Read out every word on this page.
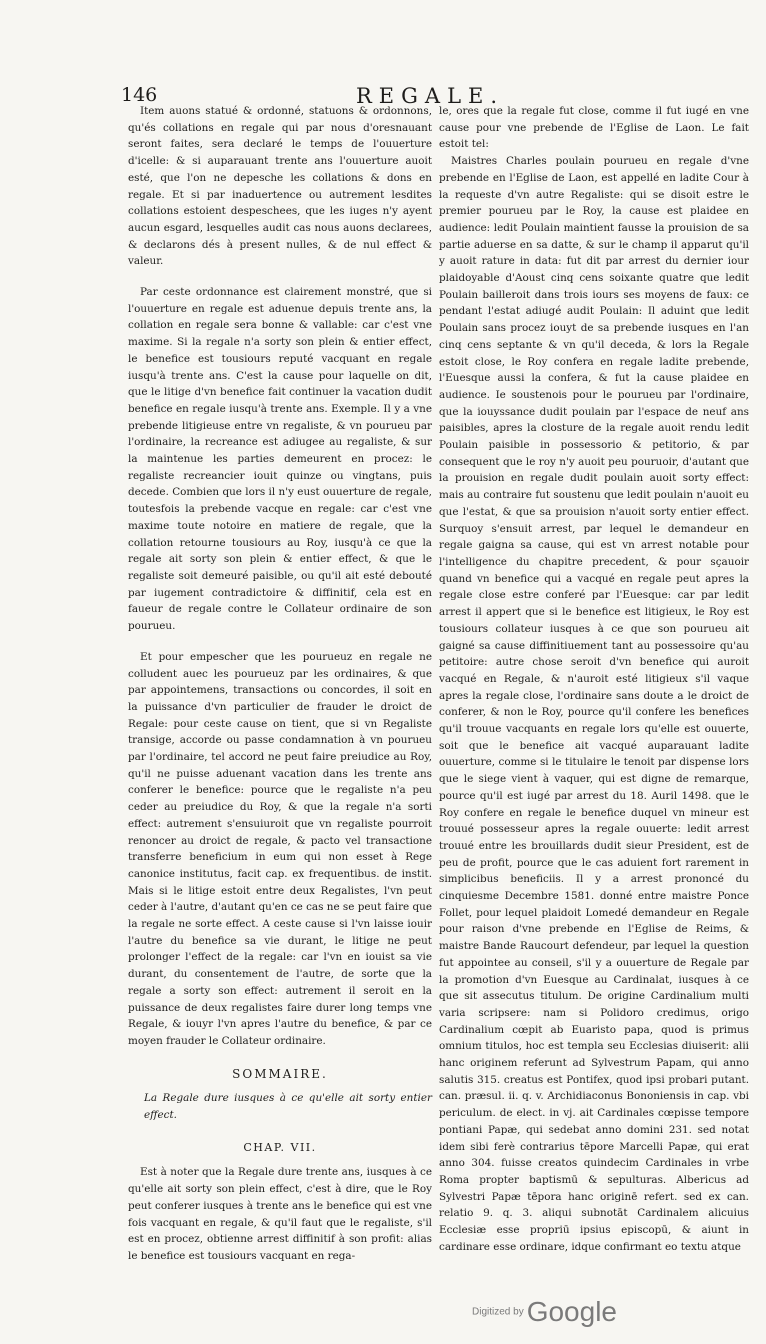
146	REGALE.

Item auons statué & ordonné, statuons & ordonnons, qu'és collations en regale qui par nous d'oresnauant seront faites, sera declaré le temps de l'ouuerture d'icelle: & si auparauant trente ans l'ouuerture auoit esté, que l'on ne depesche les collations & dons en regale. Et si par inaduertence ou autrement lesdites collations estoient despeschees, que les iuges n'y ayent aucun esgard, lesquelles audit cas nous auons declarees, & declarons dés à present nulles, & de nul effect & valeur.

Par ceste ordonnance est clairement monstré, que si l'ouuerture en regale est aduenue depuis trente ans, la collation en regale sera bonne & vallable: car c'est vne maxime. Si la regale n'a sorty son plein & entier effect, le benefice est tousiours reputé vacquant en regale iusqu'à trente ans. C'est la cause pour laquelle on dit, que le litige d'vn benefice fait continuer la vacation dudit benefice en regale iusqu'à trente ans. Exemple. Il y a vne prebende litigieuse entre vn regaliste, & vn pourueu par l'ordinaire, la recreance est adiugee au regaliste, & sur la maintenue les parties demeurent en procez: le regaliste recreancier iouit quinze ou vingtans, puis decede. Combien que lors il n'y eust ouuerture de regale, toutesfois la prebende vacque en regale: car c'est vne maxime toute notoire en matiere de regale, que la collation retourne tousiours au Roy, iusqu'à ce que la regale ait sorty son plein & entier effect, & que le regaliste soit demeuré paisible, ou qu'il ait esté debouté par iugement contradictoire & diffinitif, cela est en faueur de regale contre le Collateur ordinaire de son pourueu.

Et pour empescher que les pourueuz en regale ne colludent auec les pourueuz par les ordinaires, & que par appointemens, transactions ou concordes, il soit en la puissance d'vn particulier de frauder le droict de Regale: pour ceste cause on tient, que si vn Regaliste transige, accorde ou passe condamnation à vn pourueu par l'ordinaire, tel accord ne peut faire preiudice au Roy, qu'il ne puisse aduenant vacation dans les trente ans conferer le benefice: pource que le regaliste n'a peu ceder au preiudice du Roy, & que la regale n'a sorti effect: autrement s'ensuiuroit que vn regaliste pourroit renoncer au droict de regale, & pacto vel transactione transferre beneficium in eum qui non esset à Rege canonice institutus, facit cap. ex frequentibus. de instit. Mais si le litige estoit entre deux Regalistes, l'vn peut ceder à l'autre, d'autant qu'en ce cas ne se peut faire que la regale ne sorte effect. A ceste cause si l'vn laisse iouir l'autre du benefice sa vie durant, le litige ne peut prolonger l'effect de la regale: car l'vn en iouist sa vie durant, du consentement de l'autre, de sorte que la regale a sorty son effect: autrement il seroit en la puissance de deux regalistes faire durer long temps vne Regale, & iouyr l'vn apres l'autre du benefice, & par ce moyen frauder le Collateur ordinaire.

SOMMAIRE.

La Regale dure iusques à ce qu'elle ait sorty entier effect.

CHAP. VII.

Est à noter que la Regale dure trente ans, iusques à ce qu'elle ait sorty son plein effect, c'est à dire, que le Roy peut conferer iusques à trente ans le benefice qui est vne fois vacquant en regale, & qu'il faut que le regaliste, s'il est en procez, obtienne arrest diffinitif à son profit: alias le benefice est tousiours vacquant en rega-

le, ores que la regale fut close, comme il fut iugé en vne cause pour vne prebende de l'Eglise de Laon. Le fait estoit tel:

Maistres Charles poulain pourueu en regale d'vne prebende en l'Eglise de Laon, est appellé en ladite Cour à la requeste d'vn autre Regaliste: qui se disoit estre le premier pourueu par le Roy, la cause est plaidee en audience: ledit Poulain maintient fausse la prouision de sa partie aduerse en sa datte, & sur le champ il apparut qu'il y auoit rature in data: fut dit par arrest du dernier iour plaidoyable d'Aoust cinq cens soixante quatre que ledit Poulain bailleroit dans trois iours ses moyens de faux: ce pendant l'estat adiugé audit Poulain: Il aduint que ledit Poulain sans procez iouyt de sa prebende iusques en l'an cinq cens septante & vn qu'il deceda, & lors la Regale estoit close, le Roy confera en regale ladite prebende, l'Euesque aussi la confera, & fut la cause plaidee en audience. Ie soustenois pour le pourueu par l'ordinaire, que la iouyssance dudit poulain par l'espace de neuf ans paisibles, apres la closture de la regale auoit rendu ledit Poulain paisible in possessorio & petitorio, & par consequent que le roy n'y auoit peu pouruoir, d'autant que la prouision en regale dudit poulain auoit sorty effect: mais au contraire fut soustenu que ledit poulain n'auoit eu que l'estat, & que sa prouision n'auoit sorty entier effect. Surquoy s'ensuit arrest, par lequel le demandeur en regale gaigna sa cause, qui est vn arrest notable pour l'intelligence du chapitre precedent, & pour sçauoir quand vn benefice qui a vacqué en regale peut apres la regale close estre conferé par l'Euesque: car par ledit arrest il appert que si le benefice est litigieux, le Roy est tousiours collateur iusques à ce que son pourueu ait gaigné sa cause diffinitiuement tant au possessoire qu'au petitoire: autre chose seroit d'vn benefice qui auroit vacqué en Regale, & n'auroit esté litigieux s'il vaque apres la regale close, l'ordinaire sans doute a le droict de conferer, & non le Roy, pource qu'il confere les benefices qu'il trouue vacquants en regale lors qu'elle est ouuerte, soit que le benefice ait vacqué auparauant ladite ouuerture, comme si le titulaire le tenoit par dispense lors que le siege vient à vaquer, qui est digne de remarque, pource qu'il est iugé par arrest du 18. Auril 1498. que le Roy confere en regale le benefice duquel vn mineur est trouué possesseur apres la regale ouuerte: ledit arrest trouué entre les brouillards dudit sieur President, est de peu de profit, pource que le cas aduient fort rarement in simplicibus beneficiis. Il y a arrest prononcé du cinquiesme Decembre 1581. donné entre maistre Ponce Follet, pour lequel plaidoit Lomedé demandeur en Regale pour raison d'vne prebende en l'Eglise de Reims, & maistre Bande Raucourt defendeur, par lequel la question fut appointee au conseil, s'il y a ouuerture de Regale par la promotion d'vn Euesque au Cardinalat, iusques à ce que sit assecutus titulum. De origine Cardinalium multi varia scripsere: nam si Polidoro credimus, origo Cardinalium cœpit ab Euaristo papa, quod is primus omnium titulos, hoc est templa seu Ecclesias diuiserit: alii hanc originem referunt ad Sylvestrum Papam, qui anno salutis 315. creatus est Pontifex, quod ipsi probari putant. can. præsul. ii. q. v. Archidiaconus Bononiensis in cap. vbi periculum. de elect. in vj. ait Cardinales cœpisse tempore pontiani Papæ, qui sedebat anno domini 231. sed notat idem sibi ferè contrarius tēpore Marcelli Papæ, qui erat anno 304. fuisse creatos quindecim Cardinales in vrbe Roma propter baptismū & sepulturas. Albericus ad Sylvestri Papæ tēpora hanc originē refert. sed ex can. relatio 9. q. 3. aliqui subnotāt Cardinalem alicuius Ecclesiæ esse propriū ipsius episcopū, & aiunt in cardinare esse ordinare, idque confirmant eo textu atque

Digitized by Google
